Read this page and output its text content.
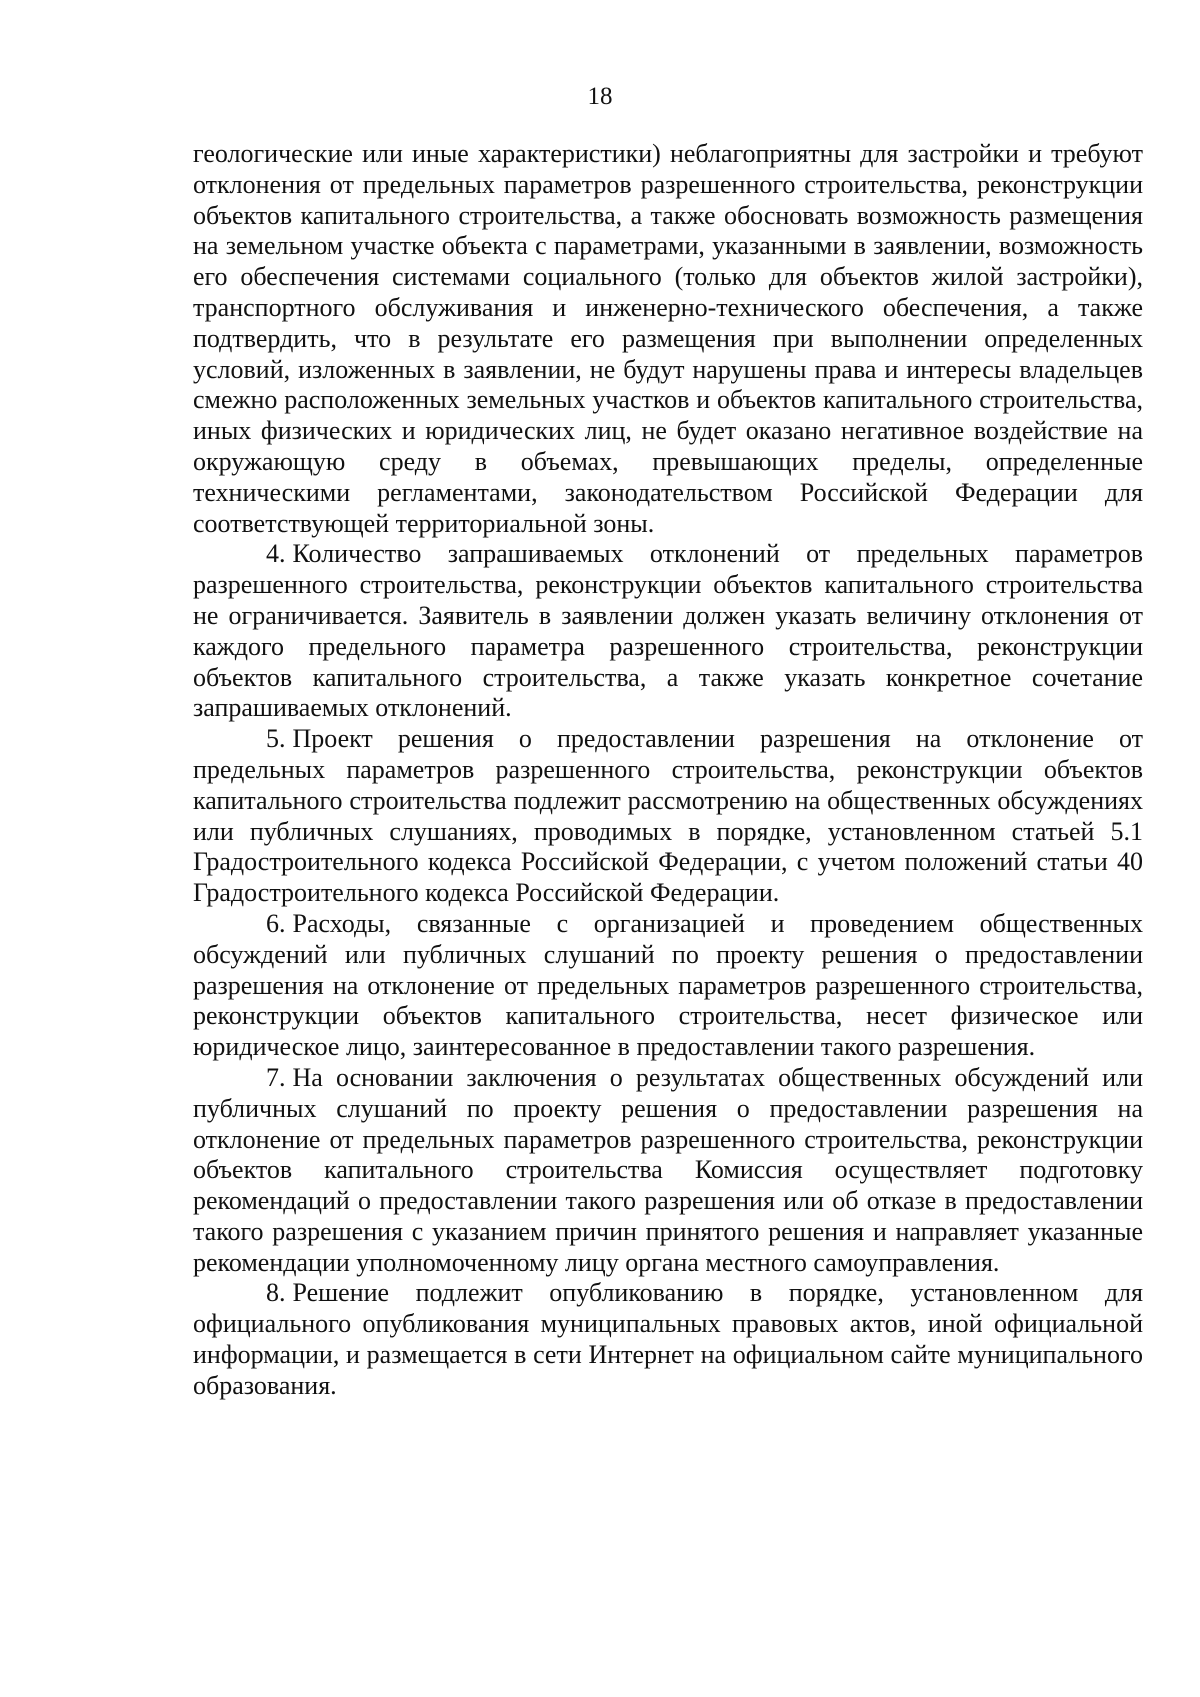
18

геологические или иные характеристики) неблагоприятны для застройки и требуют отклонения от предельных параметров разрешенного строительства, реконструкции объектов капитального строительства, а также обосновать возможность размещения на земельном участке объекта с параметрами, указанными в заявлении, возможность его обеспечения системами социального (только для объектов жилой застройки), транспортного обслуживания и инженерно-технического обеспечения, а также подтвердить, что в результате его размещения при выполнении определенных условий, изложенных в заявлении, не будут нарушены права и интересы владельцев смежно расположенных земельных участков и объектов капитального строительства, иных физических и юридических лиц, не будет оказано негативное воздействие на окружающую среду в объемах, превышающих пределы, определенные техническими регламентами, законодательством Российской Федерации для соответствующей территориальной зоны.

4. Количество запрашиваемых отклонений от предельных параметров разрешенного строительства, реконструкции объектов капитального строительства не ограничивается. Заявитель в заявлении должен указать величину отклонения от каждого предельного параметра разрешенного строительства, реконструкции объектов капитального строительства, а также указать конкретное сочетание запрашиваемых отклонений.

5. Проект решения о предоставлении разрешения на отклонение от предельных параметров разрешенного строительства, реконструкции объектов капитального строительства подлежит рассмотрению на общественных обсуждениях или публичных слушаниях, проводимых в порядке, установленном статьей 5.1 Градостроительного кодекса Российской Федерации, с учетом положений статьи 40 Градостроительного кодекса Российской Федерации.

6. Расходы, связанные с организацией и проведением общественных обсуждений или публичных слушаний по проекту решения о предоставлении разрешения на отклонение от предельных параметров разрешенного строительства, реконструкции объектов капитального строительства, несет физическое или юридическое лицо, заинтересованное в предоставлении такого разрешения.

7. На основании заключения о результатах общественных обсуждений или публичных слушаний по проекту решения о предоставлении разрешения на отклонение от предельных параметров разрешенного строительства, реконструкции объектов капитального строительства Комиссия осуществляет подготовку рекомендаций о предоставлении такого разрешения или об отказе в предоставлении такого разрешения с указанием причин принятого решения и направляет указанные рекомендации уполномоченному лицу органа местного самоуправления.

8. Решение подлежит опубликованию в порядке, установленном для официального опубликования муниципальных правовых актов, иной официальной информации, и размещается в сети Интернет на официальном сайте муниципального образования.
